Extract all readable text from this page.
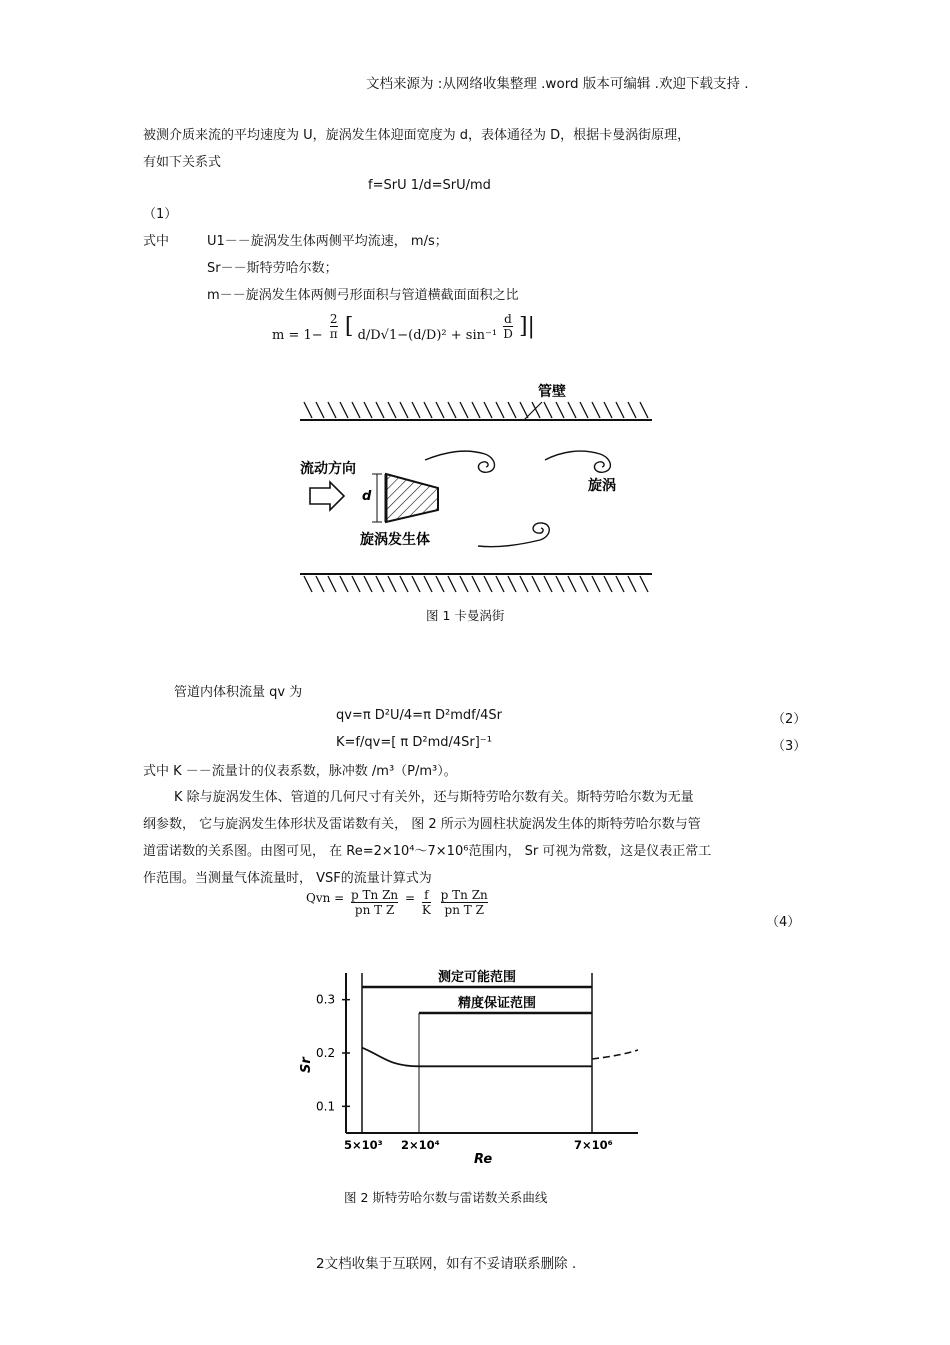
文档来源为 :从网络收集整理 .word 版本可编辑 .欢迎下载支持 .
被测介质来流的平均速度为 U，旋涡发生体迎面宽度为 d，表体通径为 D，根据卡曼涡街原理，
有如下关系式
f=SrU 1/d=SrU/md
（1）
式中	U1－－旋涡发生体两侧平均流速， m/s；
Sr－－斯特劳哈尔数；
m－－旋涡发生体两侧弓形面积与管道横截面面积之比
$m = 1- \frac{2}{\pi}$ [ $d/D√1-(d/D)^2 + \sin^{-1} \frac{d}{D}$ ]|
管壁
流动方向
d
旋涡发生体
旋涡
图 1 卡曼涡街
管道内体积流量 qv 为
qv=π D²U/4=π D²mdf/4Sr	（2）
K=f/qv=[ π D²md/4Sr]⁻¹	（3）
式中 K －－流量计的仪表系数，脉冲数 /m³（P/m³）。
K 除与旋涡发生体、管道的几何尺寸有关外，还与斯特劳哈尔数有关。斯特劳哈尔数为无量
纲参数， 它与旋涡发生体形状及雷诺数有关， 图 2 所示为圆柱状旋涡发生体的斯特劳哈尔数与管
道雷诺数的关系图。由图可见， 在 Re=2×10⁴～7×10⁶范围内， Sr 可视为常数，这是仪表正常工
作范围。当测量气体流量时， VSF的流量计算式为
Qvn = $\frac{\text{p Tn Zn}}{\text{pn T Z}} = \frac{f}{K}$
$\frac{\text{p Tn Zn}}{\text{pn T Z}}$
（4）
0.3
0.2
0.1
5×10³ 2×10⁴	7×10⁶
测定可能范围
精度保证范围
Sr
Re
图 2 斯特劳哈尔数与雷诺数关系曲线
2文档收集于互联网，如有不妥请联系删除 .
